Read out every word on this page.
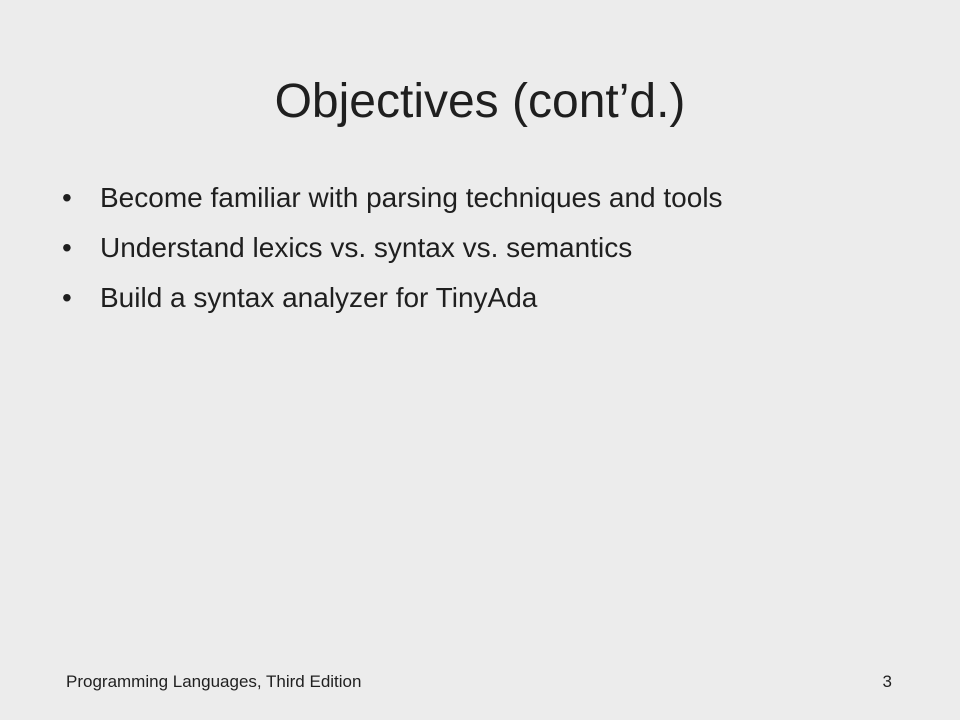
Objectives (cont’d.)
•	Become familiar with parsing techniques and tools
•	Understand lexics vs. syntax vs. semantics
•	Build a syntax analyzer for TinyAda
Programming Languages, Third Edition	3
